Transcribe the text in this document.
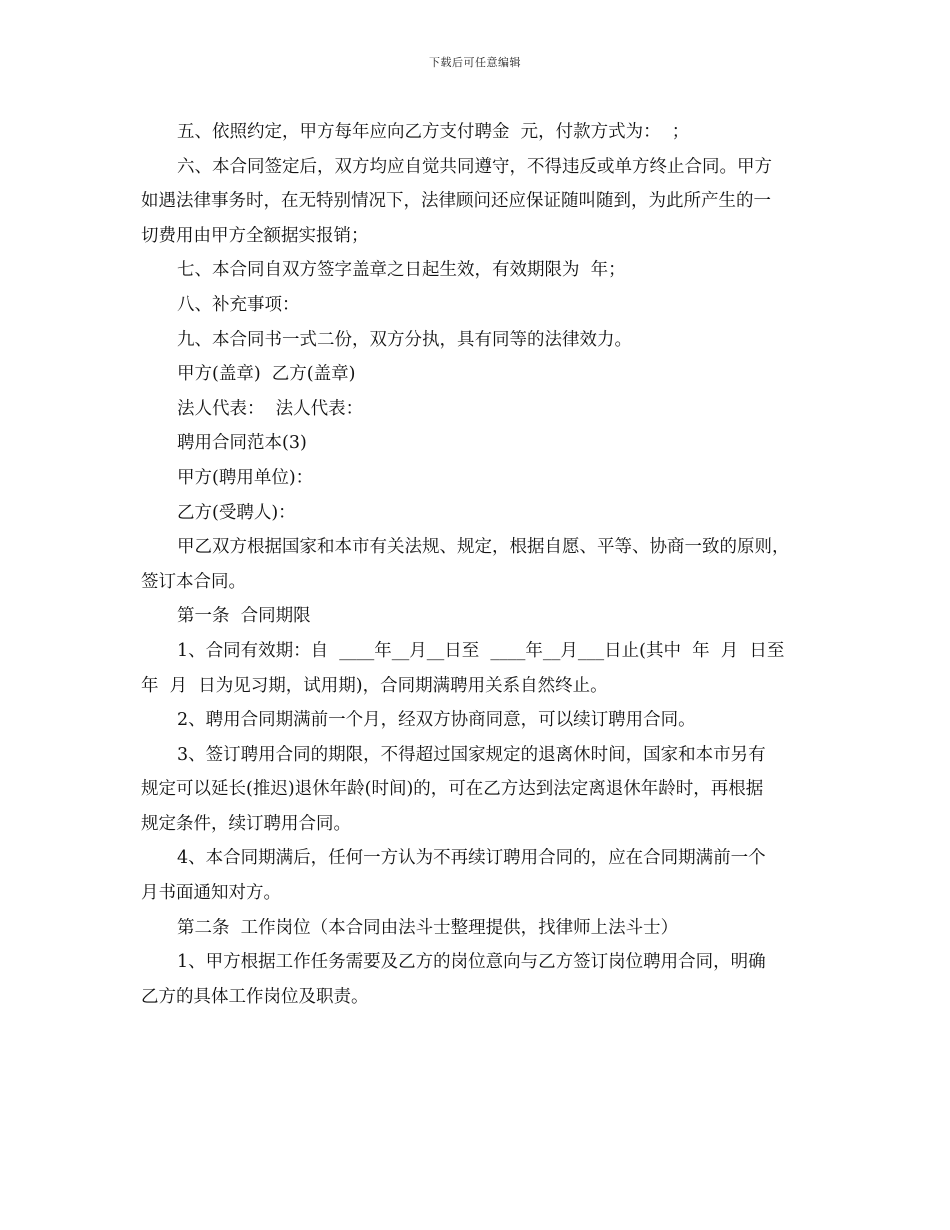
下载后可任意编辑

五、依照约定，甲方每年应向乙方支付聘金  元，付款方式为：  ；

六、本合同签定后，双方均应自觉共同遵守，不得违反或单方终止合同。甲方

如遇法律事务时，在无特别情况下，法律顾问还应保证随叫随到，为此所产生的一

切费用由甲方全额据实报销；

七、本合同自双方签字盖章之日起生效，有效期限为  年；

八、补充事项：

九、本合同书一式二份，双方分执，具有同等的法律效力。

甲方(盖章)  乙方(盖章)

法人代表：  法人代表：

聘用合同范本(3)

甲方(聘用单位)：

乙方(受聘人)：

甲乙双方根据国家和本市有关法规、规定，根据自愿、平等、协商一致的原则，

签订本合同。

第一条  合同期限

1、合同有效期：自  ____年__月__日至  ____年__月___日止(其中  年  月  日至

年  月  日为见习期，试用期)，合同期满聘用关系自然终止。

2、聘用合同期满前一个月，经双方协商同意，可以续订聘用合同。

3、签订聘用合同的期限，不得超过国家规定的退离休时间，国家和本市另有

规定可以延长(推迟)退休年龄(时间)的，可在乙方达到法定离退休年龄时，再根据

规定条件，续订聘用合同。

4、本合同期满后，任何一方认为不再续订聘用合同的，应在合同期满前一个

月书面通知对方。

第二条  工作岗位（本合同由法斗士整理提供，找律师上法斗士）

1、甲方根据工作任务需要及乙方的岗位意向与乙方签订岗位聘用合同，明确

乙方的具体工作岗位及职责。
